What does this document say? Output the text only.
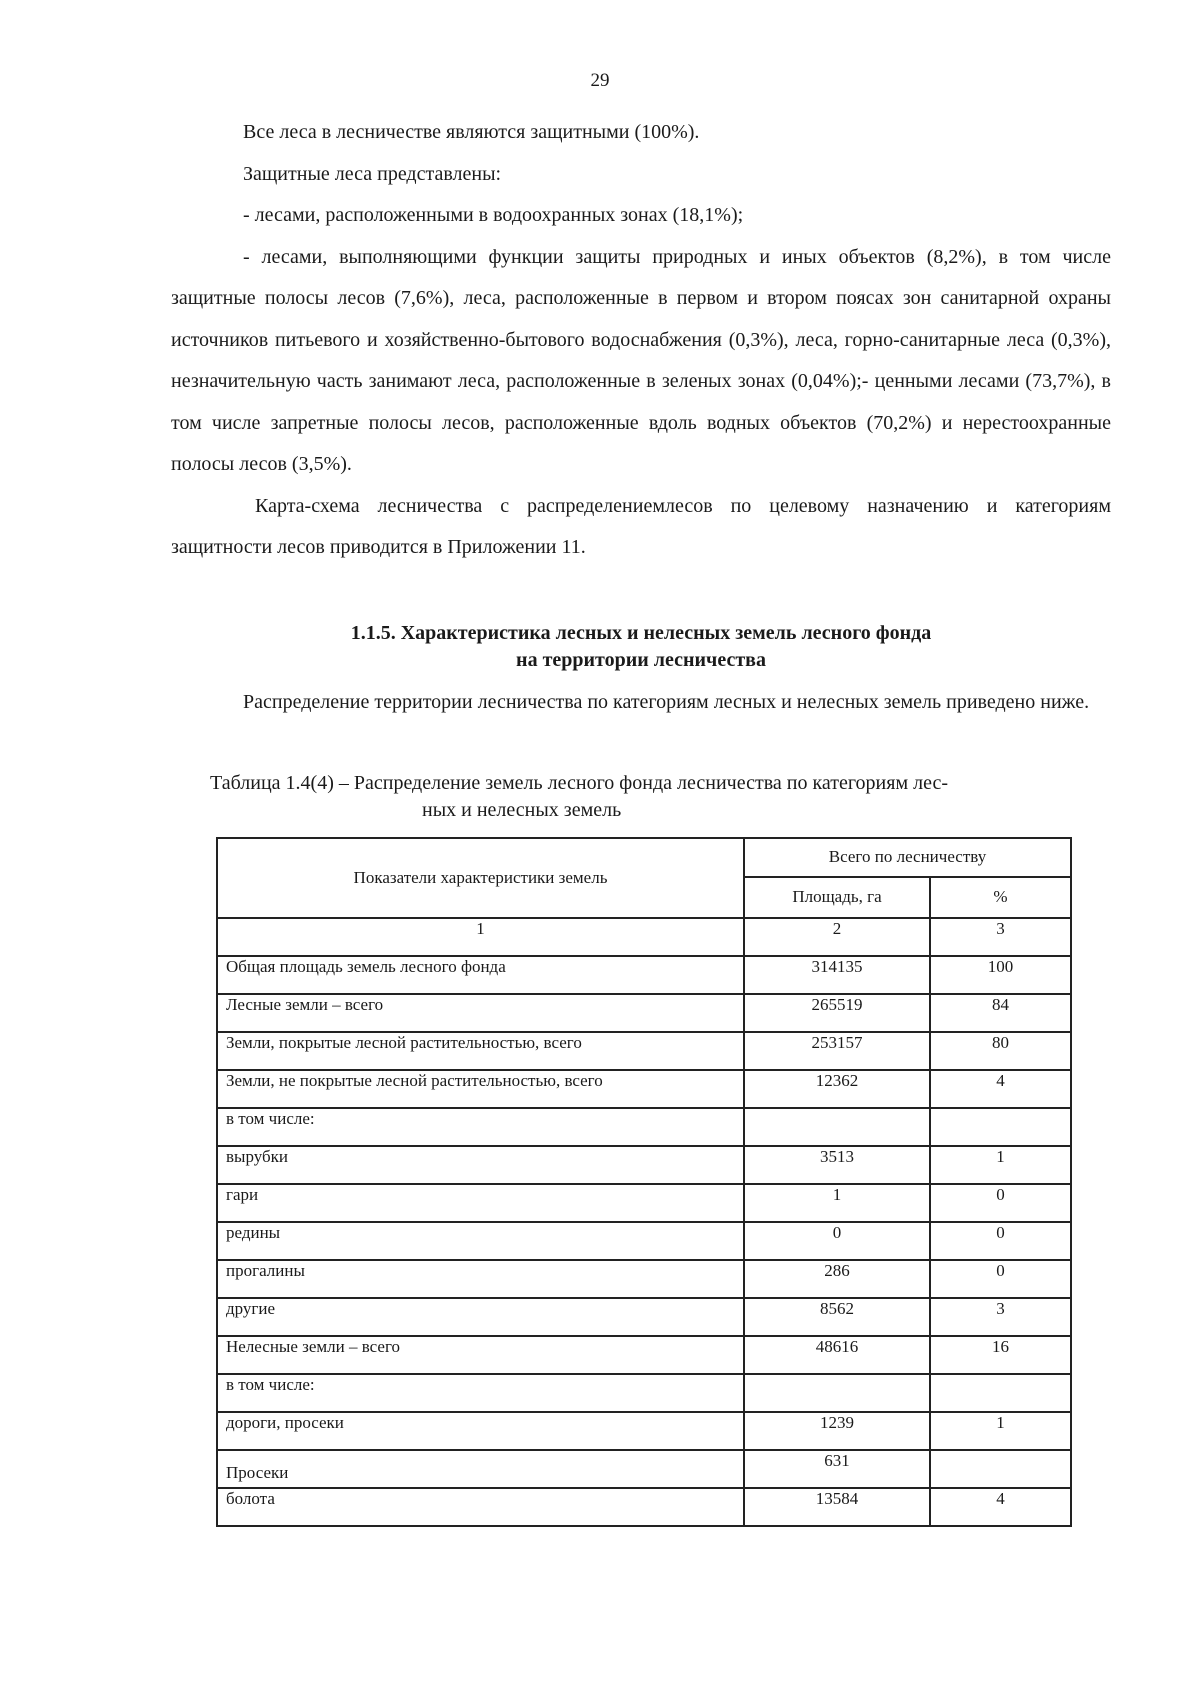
29

Все леса в лесничестве являются защитными (100%).

Защитные леса представлены:

- лесами, расположенными в водоохранных зонах (18,1%);

- лесами, выполняющими функции защиты природных и иных объектов (8,2%), в том числе защитные полосы лесов (7,6%), леса, расположенные в первом и втором поясах зон санитарной охраны источников питьевого и хозяйственно-бытового водоснабжения (0,3%), леса, горно-санитарные леса (0,3%), незначительную часть занимают леса, расположенные в зеленых зонах (0,04%);- ценными лесами (73,7%), в том числе запретные полосы лесов, расположенные вдоль водных объектов (70,2%) и нерестоохранные полосы лесов (3,5%).

Карта-схема лесничества с распределениемлесов по целевому назначению и категориям защитности лесов приводится в Приложении 11.

1.1.5. Характеристика лесных и нелесных земель лесного фонда
на территории лесничества

Распределение территории лесничества по категориям лесных и нелесных земель приведено ниже.

Таблица 1.4(4) – Распределение земель лесного фонда лесничества по категориям лес-
ных и нелесных земель
Показатели характеристики земель	Всего по лесничеству	
	Площадь, га	%
1	2	3
Общая площадь земель лесного фонда	314135	100
Лесные земли – всего	265519	84
Земли, покрытые лесной растительностью, всего	253157	80
Земли, не покрытые лесной растительностью, всего	12362	4
в том числе:		
вырубки	3513	1
гари	1	0
редины	0	0
прогалины	286	0
другие	8562	3
Нелесные земли – всего	48616	16
в том числе:		
дороги, просеки	1239	1
Просеки	631	
болота	13584	4
